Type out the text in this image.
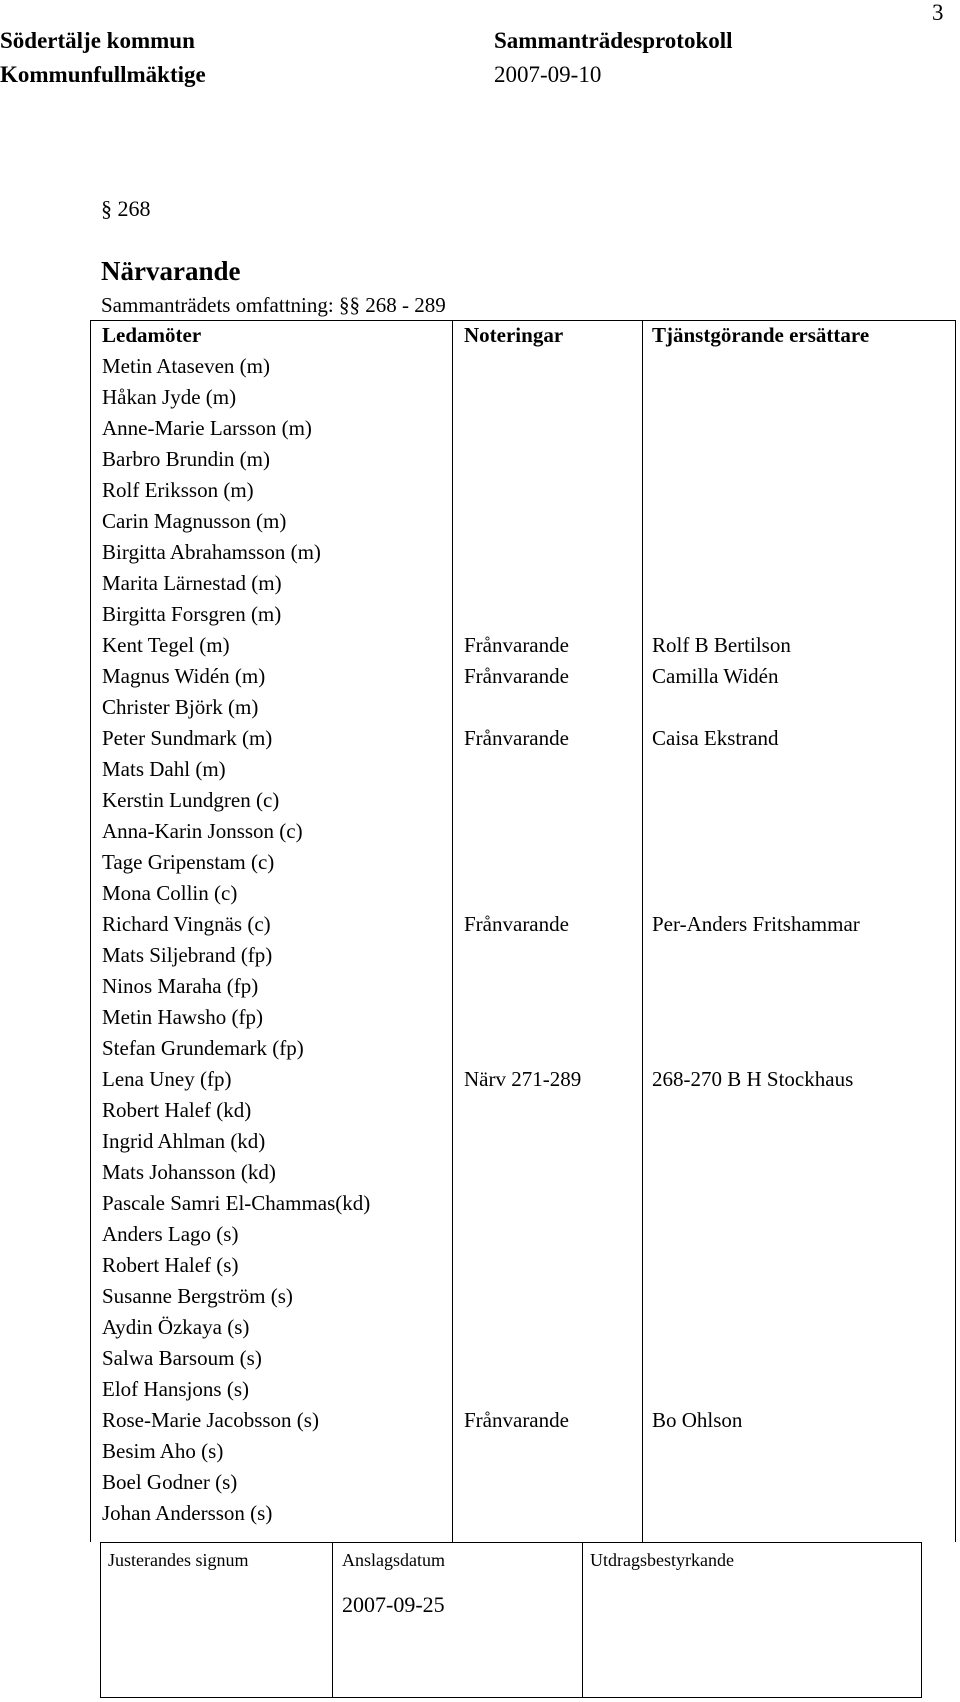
Södertälje kommun
Kommunfullmäktige
Sammanträdesprotokoll
2007-09-10
3
§ 268
Närvarande
Sammanträdets omfattning: §§ 268 - 289
Ledamöter	Noteringar	Tjänstgörande ersättare
Metin Ataseven (m)
Håkan Jyde (m)
Anne-Marie Larsson (m)
Barbro Brundin (m)
Rolf Eriksson (m)
Carin Magnusson (m)
Birgitta Abrahamsson (m)
Marita Lärnestad (m)
Birgitta Forsgren (m)
Kent Tegel (m)	Frånvarande	Rolf B Bertilson
Magnus Widén (m)	Frånvarande	Camilla Widén
Christer Björk (m)
Peter Sundmark (m)	Frånvarande	Caisa Ekstrand
Mats Dahl (m)
Kerstin Lundgren (c)
Anna-Karin Jonsson (c)
Tage Gripenstam (c)
Mona Collin (c)
Richard Vingnäs (c)	Frånvarande	Per-Anders Fritshammar
Mats Siljebrand (fp)
Ninos Maraha (fp)
Metin Hawsho (fp)
Stefan Grundemark (fp)
Lena Uney (fp)	Närv 271-289	268-270 B H Stockhaus
Robert Halef (kd)
Ingrid Ahlman (kd)
Mats Johansson (kd)
Pascale Samri El-Chammas(kd)
Anders Lago (s)
Robert Halef (s)
Susanne Bergström (s)
Aydin Özkaya (s)
Salwa Barsoum (s)
Elof Hansjons (s)
Rose-Marie Jacobsson (s)	Frånvarande	Bo Ohlson
Besim Aho (s)
Boel Godner (s)
Johan Andersson (s)
Justerandes signum	Anslagsdatum
2007-09-25
Utdragsbestyrkande
